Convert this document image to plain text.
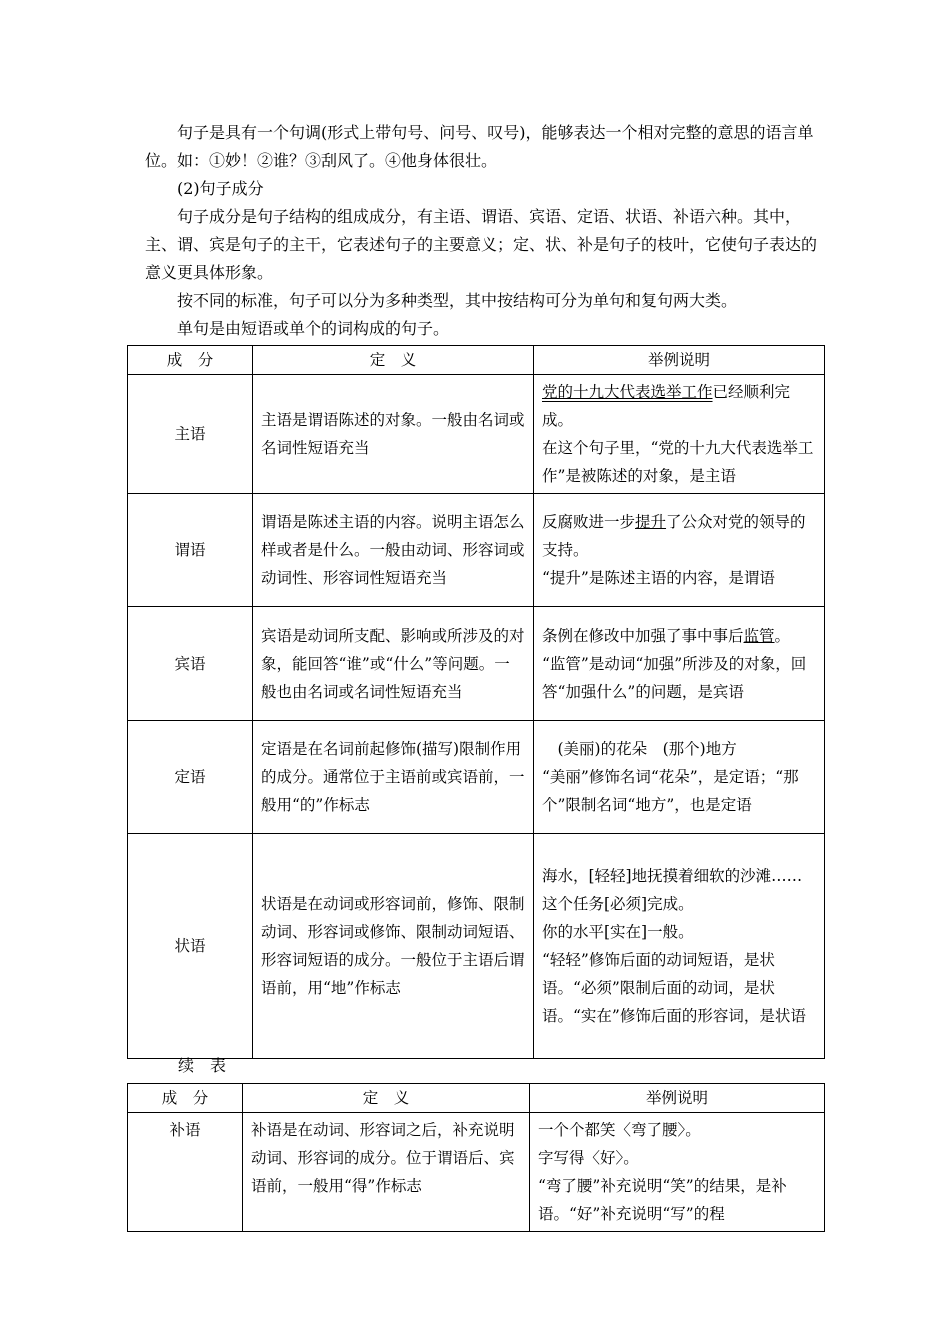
句子是具有一个句调(形式上带句号、问号、叹号)，能够表达一个相对完整的意思的语言单位。如：①妙！②谁？③刮风了。④他身体很壮。

(2)句子成分

句子成分是句子结构的组成成分，有主语、谓语、宾语、定语、状语、补语六种。其中，主、谓、宾是句子的主干，它表述句子的主要意义；定、状、补是句子的枝叶，它使句子表达的意义更具体形象。

按不同的标准，句子可以分为多种类型，其中按结构可分为单句和复句两大类。

单句是由短语或单个的词构成的句子。

成　分	定　义	举例说明
主语	主语是谓语陈述的对象。一般由名词或名词性短语充当	党的十九大代表选举工作已经顺利完成。
在这个句子里，“党的十九大代表选举工作”是被陈述的对象，是主语

谓语	谓语是陈述主语的内容。说明主语怎么样或者是什么。一般由动词、形容词或动词性、形容词性短语充当	反腐败进一步提升了公众对党的领导的支持。
“提升”是陈述主语的内容，是谓语

宾语	宾语是动词所支配、影响或所涉及的对象，能回答“谁”或“什么”等问题。一般也由名词或名词性短语充当	条例在修改中加强了事中事后监管。
“监管”是动词“加强”所涉及的对象，回答“加强什么”的问题，是宾语

定语	定语是在名词前起修饰(描写)限制作用的成分。通常位于主语前或宾语前，一般用“的”作标志	　(美丽)的花朵　(那个)地方
“美丽”修饰名词“花朵”，是定语；“那个”限制名词“地方”，也是定语

状语	状语是在动词或形容词前，修饰、限制动词、形容词或修饰、限制动词短语、形容词短语的成分。一般位于主语后谓语前，用“地”作标志	海水，[轻轻]地抚摸着细软的沙滩……
这个任务[必须]完成。
你的水平[实在]一般。
“轻轻”修饰后面的动词短语，是状语。“必须”限制后面的动词，是状语。“实在”修饰后面的形容词，是状语
续 表
成　分	定　义	举例说明
补语	补语是在动词、形容词之后，补充说明动词、形容词的成分。位于谓语后、宾语前，一般用“得”作标志	一个个都笑〈弯了腰〉。
字写得〈好〉。
“弯了腰”补充说明“笑”的结果，是补语。“好”补充说明“写”的程
